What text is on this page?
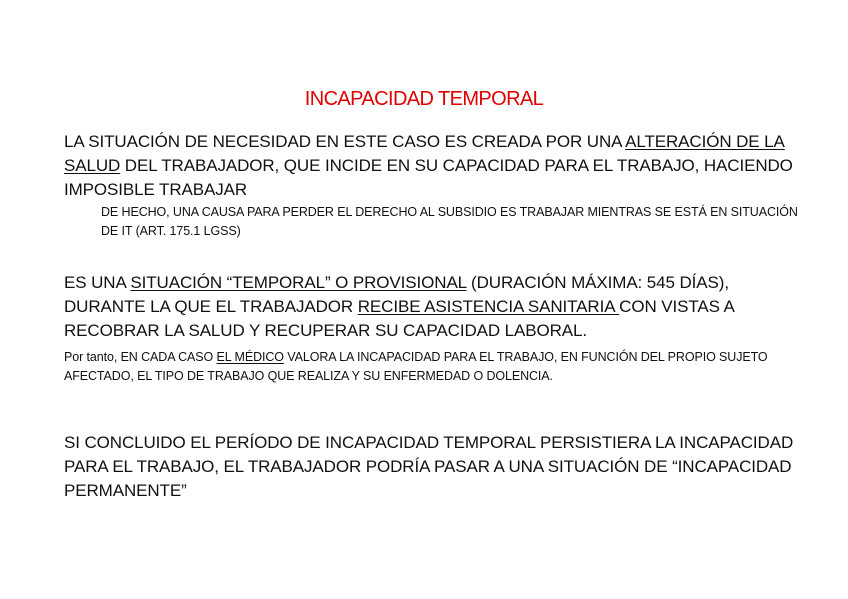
INCAPACIDAD TEMPORAL
LA SITUACIÓN DE NECESIDAD EN ESTE CASO ES CREADA POR UNA ALTERACIÓN DE LA SALUD DEL TRABAJADOR, QUE INCIDE EN SU CAPACIDAD PARA EL TRABAJO, HACIENDO IMPOSIBLE TRABAJAR
DE HECHO, UNA CAUSA PARA PERDER EL DERECHO AL SUBSIDIO ES TRABAJAR MIENTRAS SE ESTÁ EN SITUACIÓN DE IT (ART. 175.1 LGSS)
ES UNA SITUACIÓN “TEMPORAL” O PROVISIONAL (DURACIÓN MÁXIMA: 545 DÍAS), DURANTE LA QUE EL TRABAJADOR RECIBE ASISTENCIA SANITARIA CON VISTAS A RECOBRAR LA SALUD Y RECUPERAR SU CAPACIDAD LABORAL.
Por tanto, EN CADA CASO EL MÉDICO VALORA LA INCAPACIDAD PARA EL TRABAJO, EN FUNCIÓN DEL PROPIO SUJETO AFECTADO, EL TIPO DE TRABAJO QUE REALIZA Y SU ENFERMEDAD O DOLENCIA.
SI CONCLUIDO EL PERÍODO DE INCAPACIDAD TEMPORAL PERSISTIERA LA INCAPACIDAD PARA EL TRABAJO, EL TRABAJADOR PODRÍA PASAR A UNA SITUACIÓN DE “INCAPACIDAD PERMANENTE”
